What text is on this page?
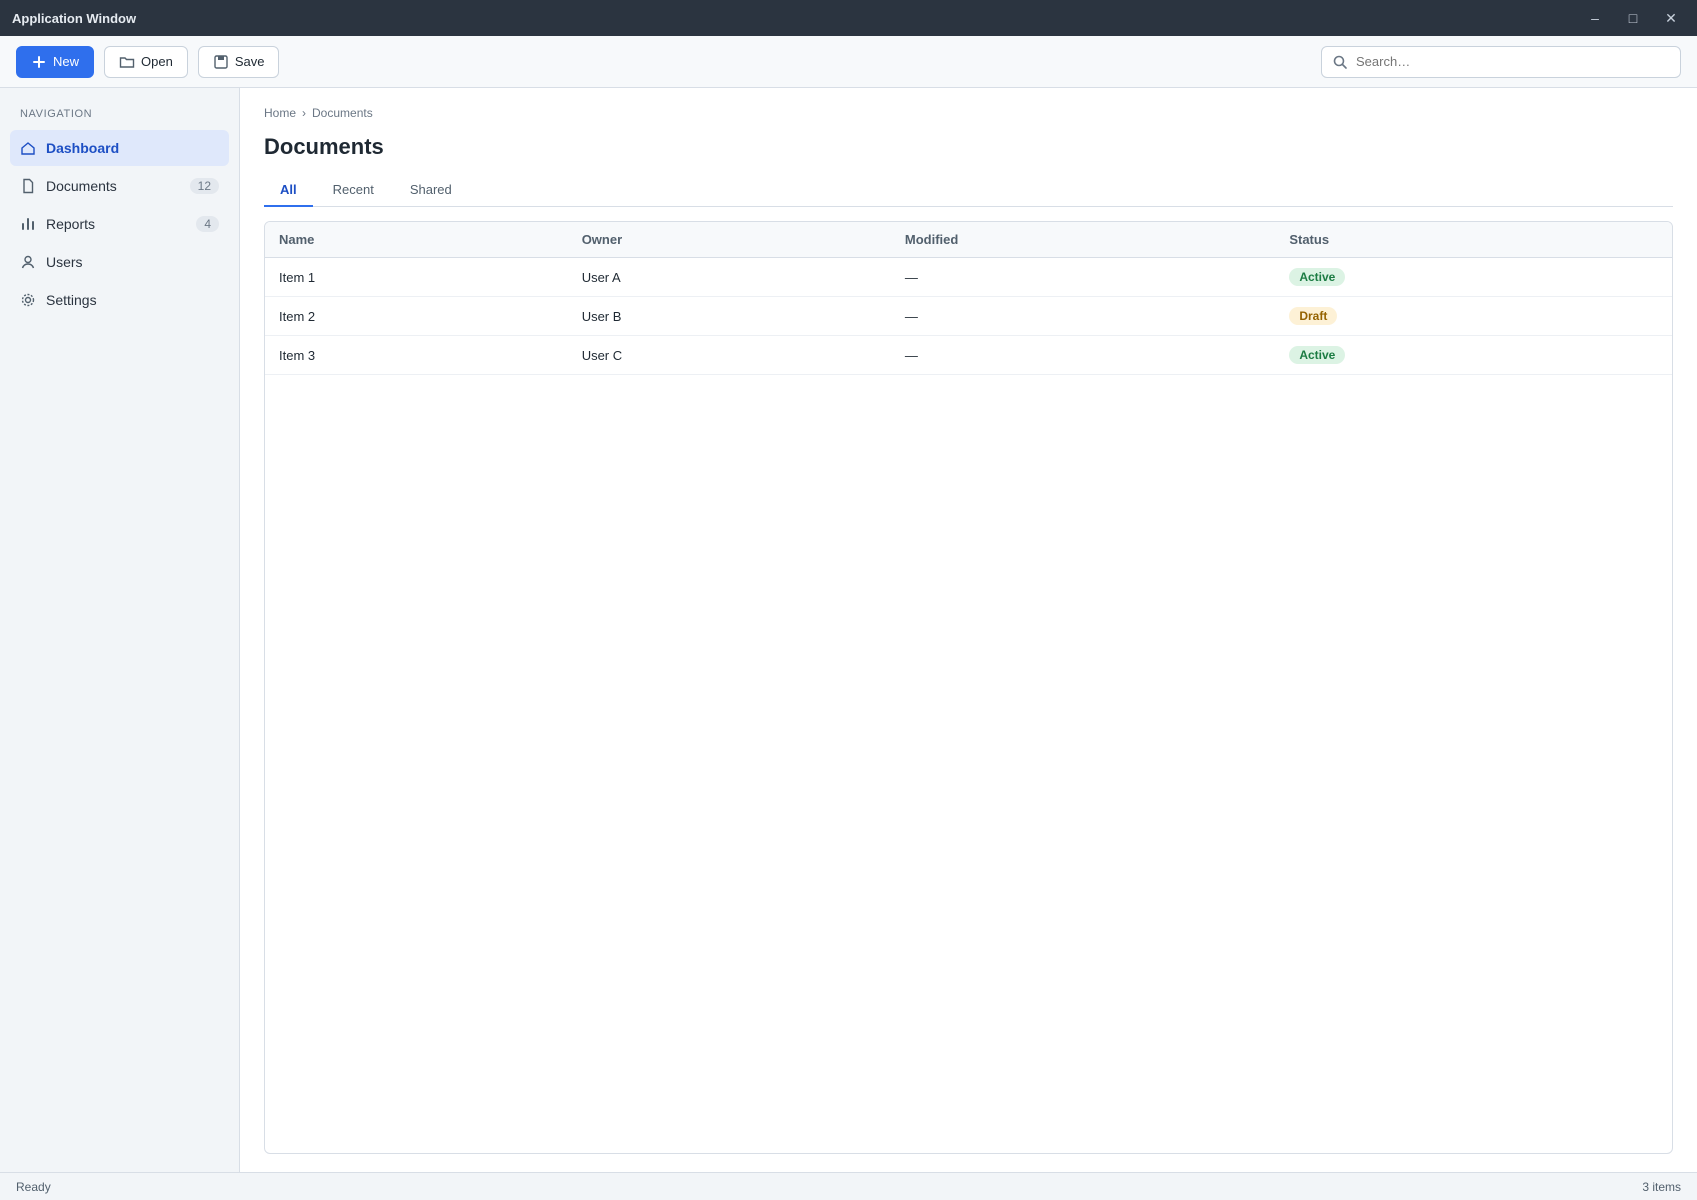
Application Window	–	□	✕
New	Open	Save
Search…
NAVIGATION
Dashboard
Documents	12
Reports	4
Users
Settings
Home › Documents
Documents
All	Recent	Shared
Name	Owner	Modified	Status
Item 1	User A	—	Active
Item 2	User B	—	Draft
Item 3	User C	—	Active
Ready	3 items
